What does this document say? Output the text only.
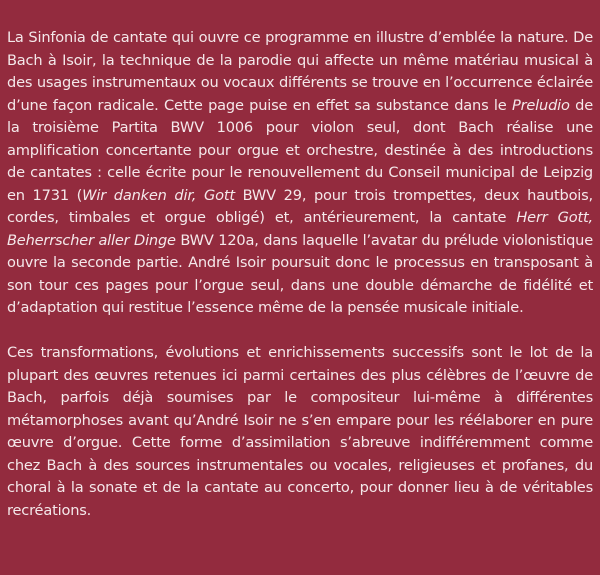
La Sinfonia de cantate qui ouvre ce programme en illustre d’emblée la nature. De Bach à Isoir, la technique de la parodie qui affecte un même matériau musical à des usages instrumentaux ou vocaux différents se trouve en l’occurrence éclairée d’une façon radicale. Cette page puise en effet sa substance dans le Preludio de la troisième Partita BWV 1006 pour violon seul, dont Bach réalise une amplification concertante pour orgue et orchestre, destinée à des introductions de cantates : celle écrite pour le renouvellement du Conseil municipal de Leipzig en 1731 (Wir danken dir, Gott BWV 29, pour trois trompettes, deux hautbois, cordes, timbales et orgue obligé) et, antérieurement, la cantate Herr Gott, Beherrscher aller Dinge BWV 120a, dans laquelle l’avatar du prélude violonistique ouvre la seconde partie. André Isoir poursuit donc le processus en transposant à son tour ces pages pour l’orgue seul, dans une double démarche de fidélité et d’adaptation qui restitue l’essence même de la pensée musicale initiale.

Ces transformations, évolutions et enrichissements successifs sont le lot de la plupart des œuvres retenues ici parmi certaines des plus célèbres de l’œuvre de Bach, parfois déjà soumises par le compositeur lui-même à différentes métamorphoses avant qu’André Isoir ne s’en empare pour les réélaborer en pure œuvre d’orgue. Cette forme d’assimilation s’abreuve indifféremment comme chez Bach à des sources instrumentales ou vocales, religieuses et profanes, du choral à la sonate et de la cantate au concerto, pour donner lieu à de véritables recréations.
